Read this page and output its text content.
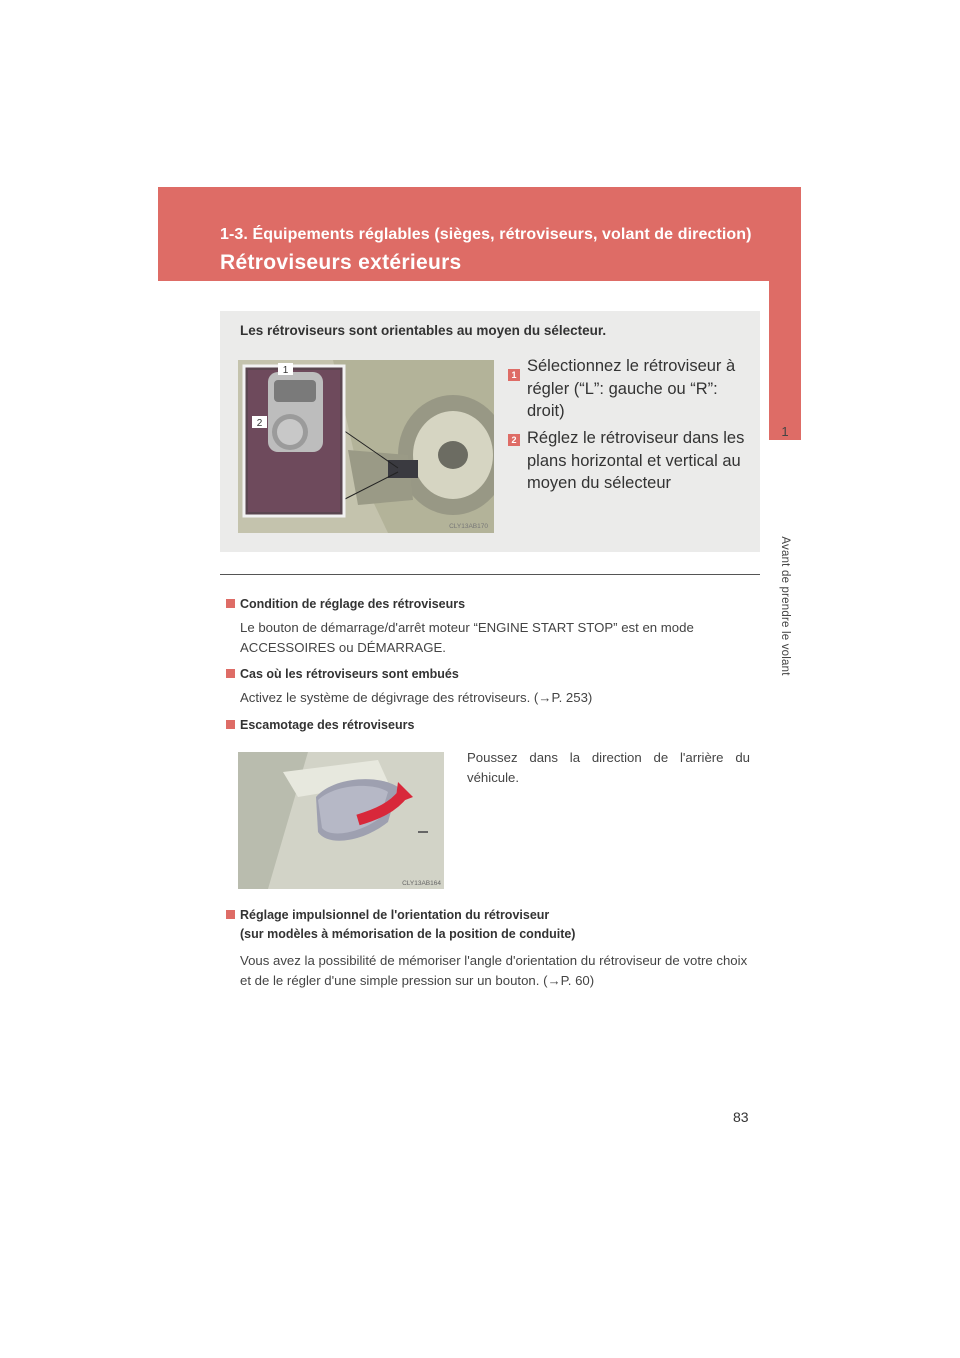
1-3. Équipements réglables (sièges, rétroviseurs, volant de direction)
Rétroviseurs extérieurs
1
Avant de prendre le volant
Les rétroviseurs sont orientables au moyen du sélecteur.
1
2
CLY13AB170
1 Sélectionnez le rétroviseur à régler (“L”: gauche ou “R”: droit)
2 Réglez le rétroviseur dans les plans horizontal et vertical au moyen du sélecteur
Condition de réglage des rétroviseurs
Le bouton de démarrage/d'arrêt moteur “ENGINE START STOP” est en mode ACCESSOIRES ou DÉMARRAGE.
Cas où les rétroviseurs sont embués
Activez le système de dégivrage des rétroviseurs. (→P. 253)
Escamotage des rétroviseurs
CLY13AB164
Poussez dans la direction de l'arrière du véhicule.
Réglage impulsionnel de l'orientation du rétroviseur
(sur modèles à mémorisation de la position de conduite)
Vous avez la possibilité de mémoriser l'angle d'orientation du rétroviseur de votre choix et de le régler d'une simple pression sur un bouton. (→P. 60)
83
